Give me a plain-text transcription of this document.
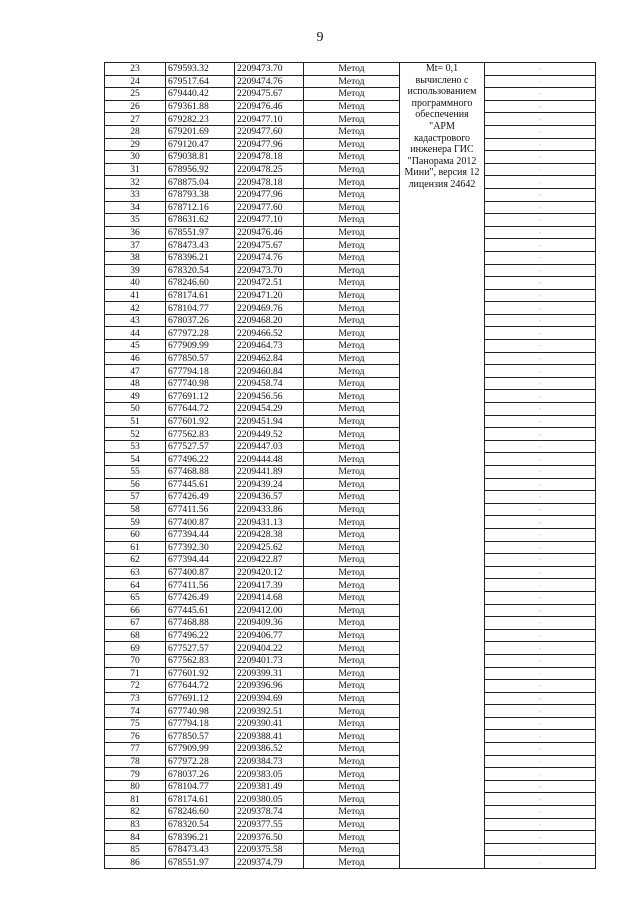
9
23	679593.32	2209473.70	Метод	Mt= 0,1 вычислено с использованием программного обеспечения "АРМ кадастрового инженера ГИС "Панорама 2012 Мини", версия 12 лицензия 24642	-
24	679517.64	2209474.76	Метод		-
25	679440.42	2209475.67	Метод		-
26	679361.88	2209476.46	Метод		-
27	679282.23	2209477.10	Метод		-
28	679201.69	2209477.60	Метод		-
29	679120.47	2209477.96	Метод		-
30	679038.81	2209478.18	Метод		-
31	678956.92	2209478.25	Метод		-
32	678875.04	2209478.18	Метод		-
33	678793.38	2209477.96	Метод		-
34	678712.16	2209477.60	Метод		-
35	678631.62	2209477.10	Метод		-
36	678551.97	2209476.46	Метод		-
37	678473.43	2209475.67	Метод		-
38	678396.21	2209474.76	Метод		-
39	678320.54	2209473.70	Метод		-
40	678246.60	2209472.51	Метод		-
41	678174.61	2209471.20	Метод		-
42	678104.77	2209469.76	Метод		-
43	678037.26	2209468.20	Метод		-
44	677972.28	2209466.52	Метод		-
45	677909.99	2209464.73	Метод		-
46	677850.57	2209462.84	Метод		-
47	677794.18	2209460.84	Метод		-
48	677740.98	2209458.74	Метод		-
49	677691.12	2209456.56	Метод		-
50	677644.72	2209454.29	Метод		-
51	677601.92	2209451.94	Метод		-
52	677562.83	2209449.52	Метод		-
53	677527.57	2209447.03	Метод		-
54	677496.22	2209444.48	Метод		-
55	677468.88	2209441.89	Метод		-
56	677445.61	2209439.24	Метод		-
57	677426.49	2209436.57	Метод		-
58	677411.56	2209433.86	Метод		-
59	677400.87	2209431.13	Метод		-
60	677394.44	2209428.38	Метод		-
61	677392.30	2209425.62	Метод		-
62	677394.44	2209422.87	Метод		-
63	677400.87	2209420.12	Метод		-
64	677411.56	2209417.39	Метод		-
65	677426.49	2209414.68	Метод		-
66	677445.61	2209412.00	Метод		-
67	677468.88	2209409.36	Метод		-
68	677496.22	2209406.77	Метод		-
69	677527.57	2209404.22	Метод		-
70	677562.83	2209401.73	Метод		-
71	677601.92	2209399.31	Метод		-
72	677644.72	2209396.96	Метод		-
73	677691.12	2209394.69	Метод		-
74	677740.98	2209392.51	Метод		-
75	677794.18	2209390.41	Метод		-
76	677850.57	2209388.41	Метод		-
77	677909.99	2209386.52	Метод		-
78	677972.28	2209384.73	Метод		-
79	678037.26	2209383.05	Метод		-
80	678104.77	2209381.49	Метод		-
81	678174.61	2209380.05	Метод		-
82	678246.60	2209378.74	Метод		-
83	678320.54	2209377.55	Метод		-
84	678396.21	2209376.50	Метод		-
85	678473.43	2209375.58	Метод		-
86	678551.97	2209374.79	Метод		-
